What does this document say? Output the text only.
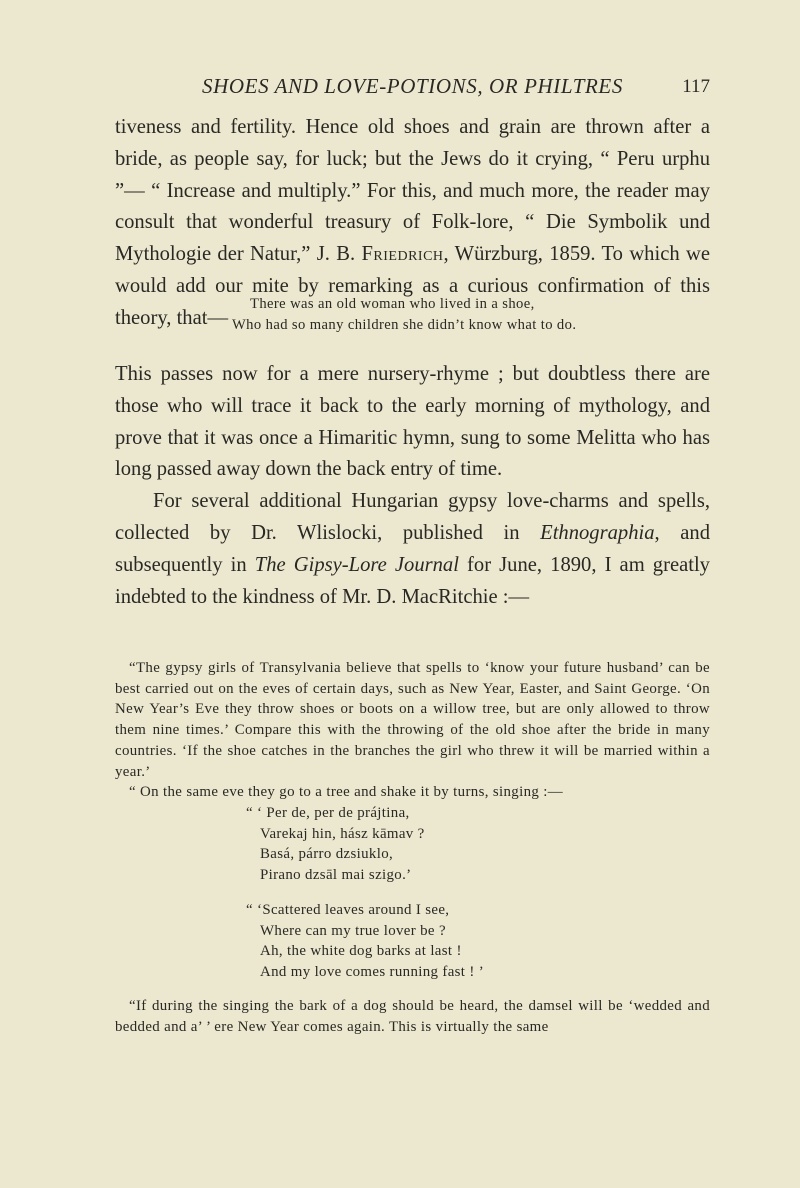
SHOES AND LOVE-POTIONS, OR PHILTRES	117

tiveness and fertility. Hence old shoes and grain are thrown after a bride, as people say, for luck; but the Jews do it crying, “ Peru urphu ”— “ Increase and multiply.” For this, and much more, the reader may consult that wonderful treasury of Folk-lore, “ Die Symbolik und Mythologie der Natur,” J. B. Friedrich, Würzburg, 1859. To which we would add our mite by remarking as a curious confirmation of this theory, that—

There was an old woman who lived in a shoe,
Who had so many children she didn’t know what to do.

This passes now for a mere nursery-rhyme ; but doubtless there are those who will trace it back to the early morning of mythology, and prove that it was once a Himaritic hymn, sung to some Melitta who has long passed away down the back entry of time.

For several additional Hungarian gypsy love-charms and spells, collected by Dr. Wlislocki, published in Ethnographia, and subsequently in The Gipsy-Lore Journal for June, 1890, I am greatly indebted to the kindness of Mr. D. MacRitchie :—

“The gypsy girls of Transylvania believe that spells to ‘know your future husband’ can be best carried out on the eves of certain days, such as New Year, Easter, and Saint George. ‘On New Year’s Eve they throw shoes or boots on a willow tree, but are only allowed to throw them nine times.’ Compare this with the throwing of the old shoe after the bride in many countries. ‘If the shoe catches in the branches the girl who threw it will be married within a year.’

“ On the same eve they go to a tree and shake it by turns, singing :—

“ ‘ Per de, per de prájtina,
Varekaj hin, hász kāmav ?
Basá, párro dzsiuklo,
Pirano dzsāl mai szigo.’
“ ‘Scattered leaves around I see,
Where can my true lover be ?
Ah, the white dog barks at last !
And my love comes running fast ! ’

“If during the singing the bark of a dog should be heard, the damsel will be ‘wedded and bedded and a’ ’ ere New Year comes again. This is virtually the same
